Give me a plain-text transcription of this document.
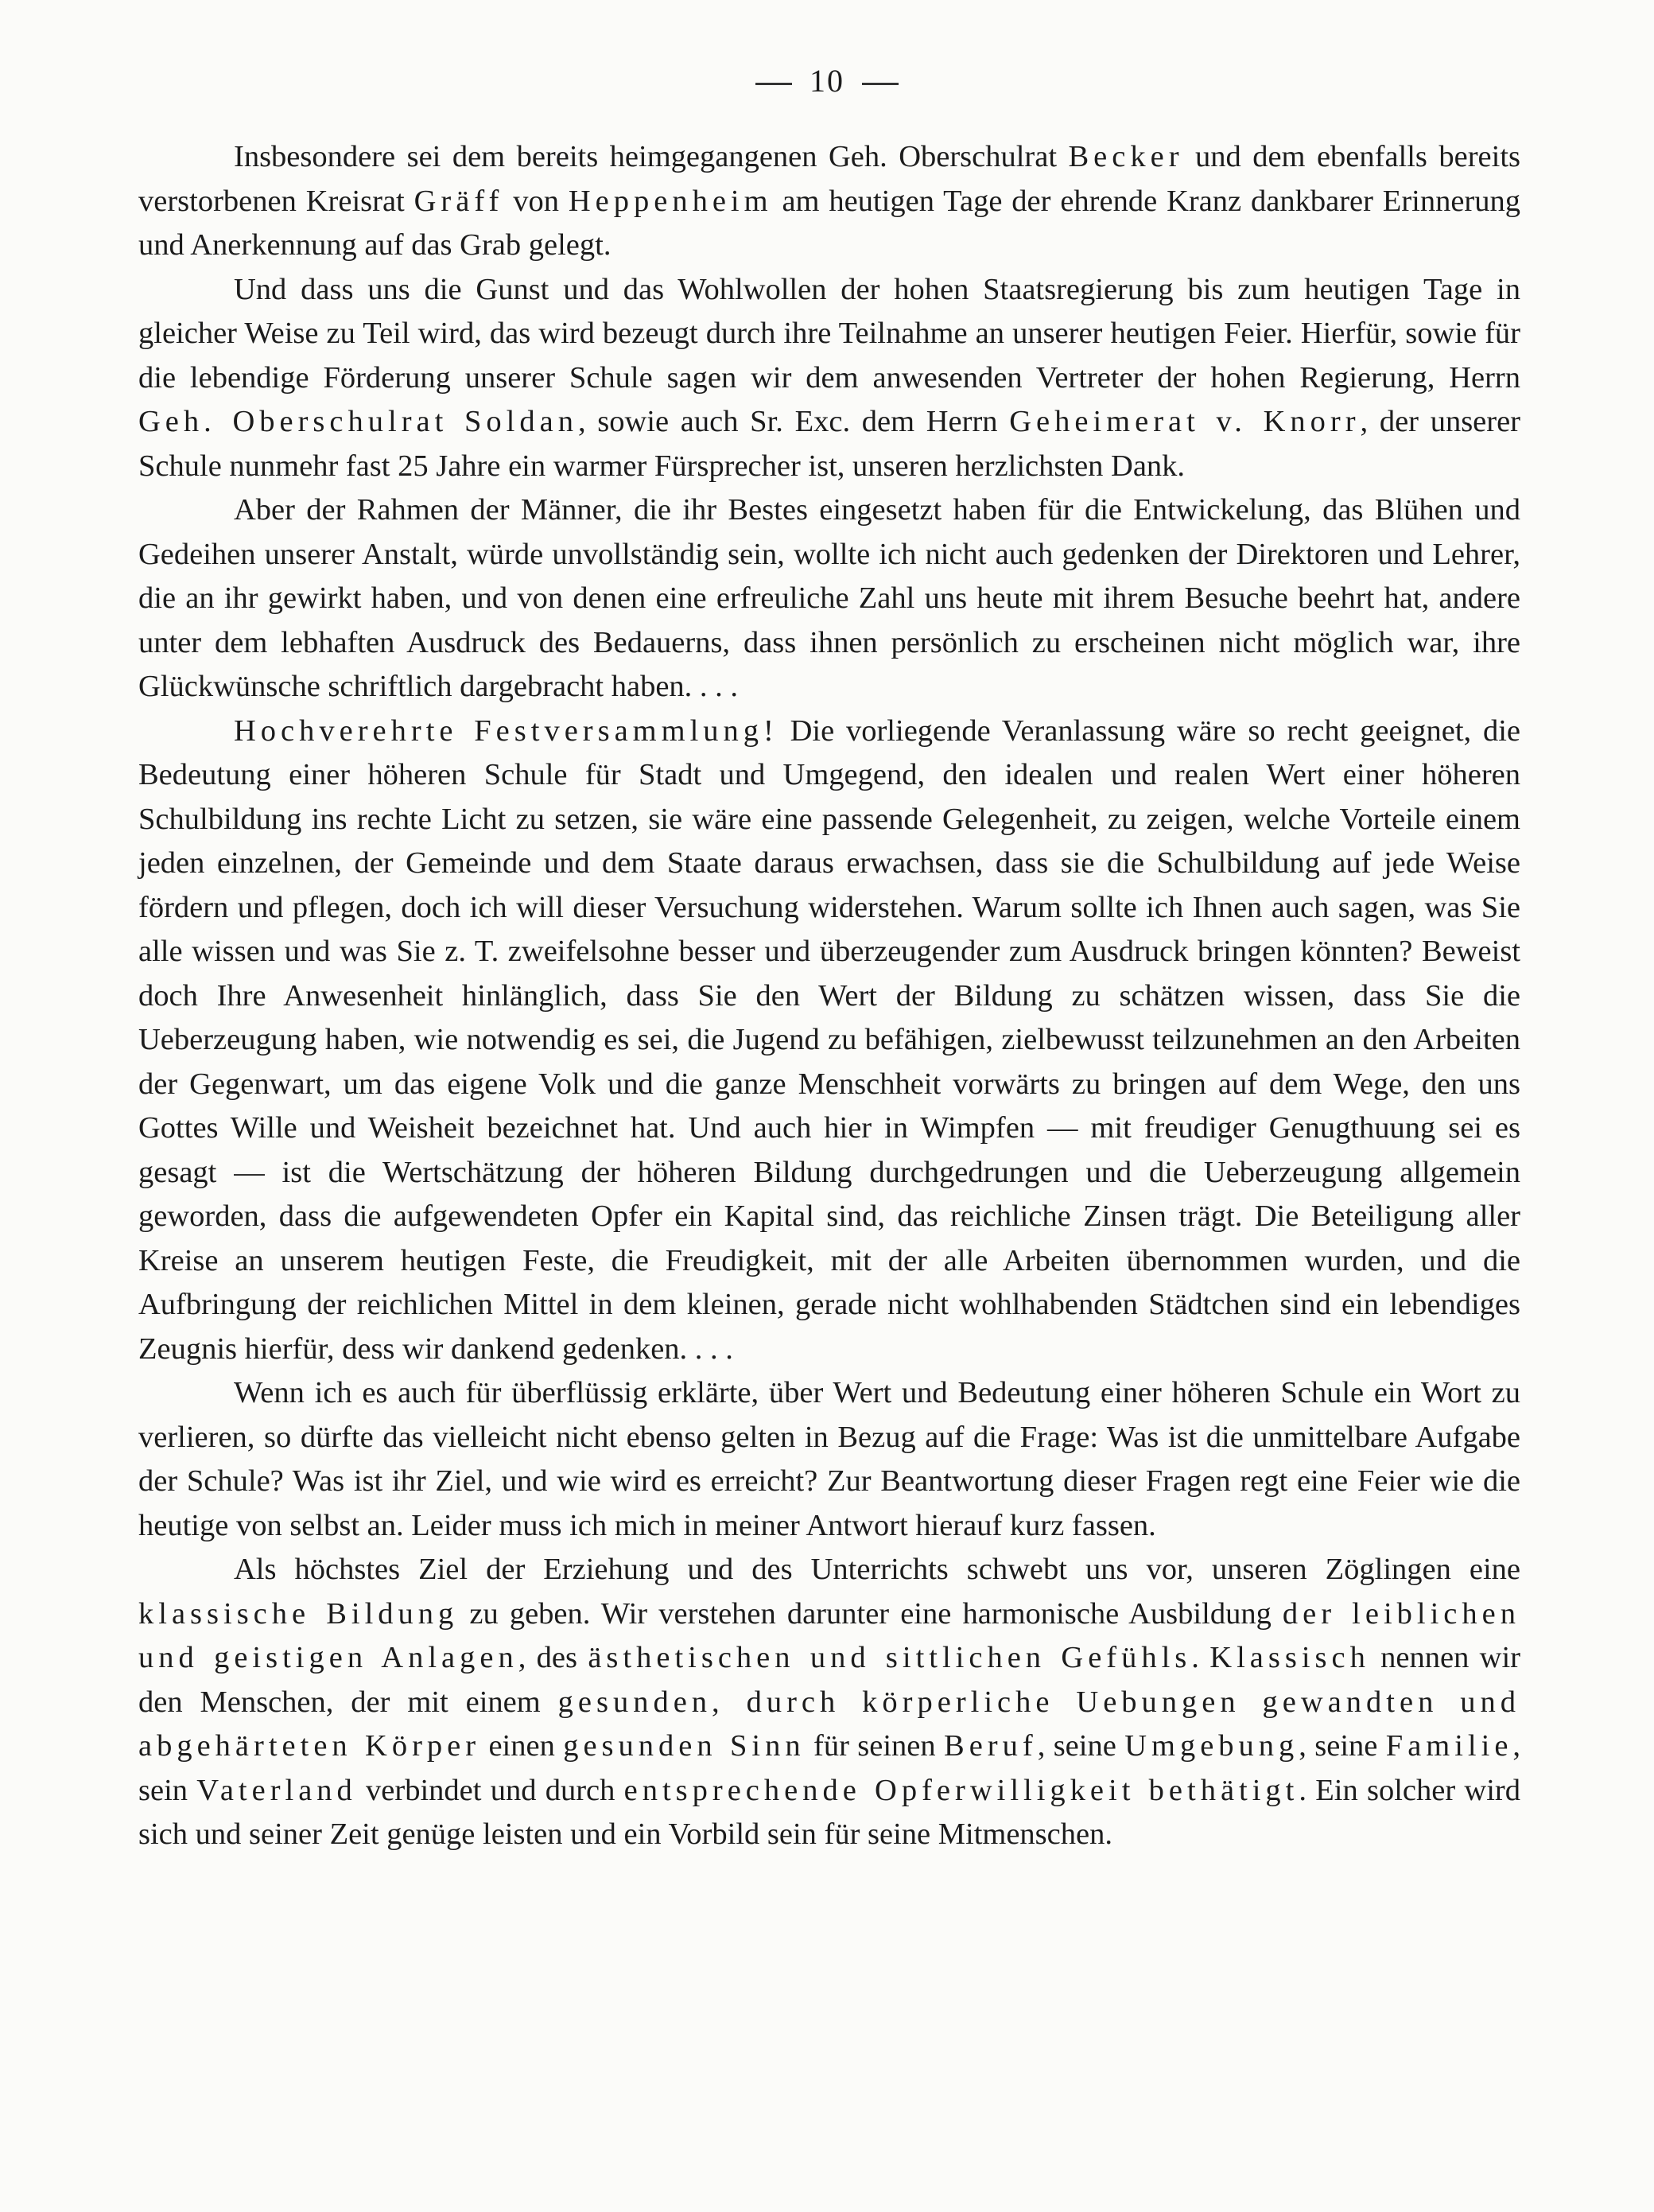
10

Insbesondere sei dem bereits heimgegangenen Geh. Oberschulrat Becker und dem ebenfalls bereits verstorbenen Kreisrat Gräff von Heppenheim am heutigen Tage der ehrende Kranz dankbarer Erinnerung und Anerkennung auf das Grab gelegt.

Und dass uns die Gunst und das Wohlwollen der hohen Staatsregierung bis zum heutigen Tage in gleicher Weise zu Teil wird, das wird bezeugt durch ihre Teilnahme an unserer heutigen Feier. Hierfür, sowie für die lebendige Förderung unserer Schule sagen wir dem anwesenden Vertreter der hohen Regierung, Herrn Geh. Oberschulrat Soldan, sowie auch Sr. Exc. dem Herrn Geheimerat v. Knorr, der unserer Schule nunmehr fast 25 Jahre ein warmer Fürsprecher ist, unseren herzlichsten Dank.

Aber der Rahmen der Männer, die ihr Bestes eingesetzt haben für die Entwickelung, das Blühen und Gedeihen unserer Anstalt, würde unvollständig sein, wollte ich nicht auch gedenken der Direktoren und Lehrer, die an ihr gewirkt haben, und von denen eine erfreuliche Zahl uns heute mit ihrem Besuche beehrt hat, andere unter dem lebhaften Ausdruck des Bedauerns, dass ihnen persönlich zu erscheinen nicht möglich war, ihre Glückwünsche schriftlich dargebracht haben. . . .

Hochverehrte Festversammlung! Die vorliegende Veranlassung wäre so recht geeignet, die Bedeutung einer höheren Schule für Stadt und Umgegend, den idealen und realen Wert einer höheren Schulbildung ins rechte Licht zu setzen, sie wäre eine passende Gelegenheit, zu zeigen, welche Vorteile einem jeden einzelnen, der Gemeinde und dem Staate daraus erwachsen, dass sie die Schulbildung auf jede Weise fördern und pflegen, doch ich will dieser Versuchung widerstehen. Warum sollte ich Ihnen auch sagen, was Sie alle wissen und was Sie z. T. zweifelsohne besser und überzeugender zum Ausdruck bringen könnten? Beweist doch Ihre Anwesenheit hinlänglich, dass Sie den Wert der Bildung zu schätzen wissen, dass Sie die Ueberzeugung haben, wie notwendig es sei, die Jugend zu befähigen, zielbewusst teilzunehmen an den Arbeiten der Gegenwart, um das eigene Volk und die ganze Menschheit vorwärts zu bringen auf dem Wege, den uns Gottes Wille und Weisheit bezeichnet hat. Und auch hier in Wimpfen — mit freudiger Genugthuung sei es gesagt — ist die Wertschätzung der höheren Bildung durchgedrungen und die Ueberzeugung allgemein geworden, dass die aufgewendeten Opfer ein Kapital sind, das reichliche Zinsen trägt. Die Beteiligung aller Kreise an unserem heutigen Feste, die Freudigkeit, mit der alle Arbeiten übernommen wurden, und die Aufbringung der reichlichen Mittel in dem kleinen, gerade nicht wohlhabenden Städtchen sind ein lebendiges Zeugnis hierfür, dess wir dankend gedenken. . . .

Wenn ich es auch für überflüssig erklärte, über Wert und Bedeutung einer höheren Schule ein Wort zu verlieren, so dürfte das vielleicht nicht ebenso gelten in Bezug auf die Frage: Was ist die unmittelbare Aufgabe der Schule? Was ist ihr Ziel, und wie wird es erreicht? Zur Beantwortung dieser Fragen regt eine Feier wie die heutige von selbst an. Leider muss ich mich in meiner Antwort hierauf kurz fassen.

Als höchstes Ziel der Erziehung und des Unterrichts schwebt uns vor, unseren Zöglingen eine klassische Bildung zu geben. Wir verstehen darunter eine harmonische Ausbildung der leiblichen und geistigen Anlagen, des ästhetischen und sittlichen Gefühls. Klassisch nennen wir den Menschen, der mit einem gesunden, durch körperliche Uebungen gewandten und abgehärteten Körper einen gesunden Sinn für seinen Beruf, seine Umgebung, seine Familie, sein Vaterland verbindet und durch entsprechende Opferwilligkeit bethätigt. Ein solcher wird sich und seiner Zeit genüge leisten und ein Vorbild sein für seine Mitmenschen.
